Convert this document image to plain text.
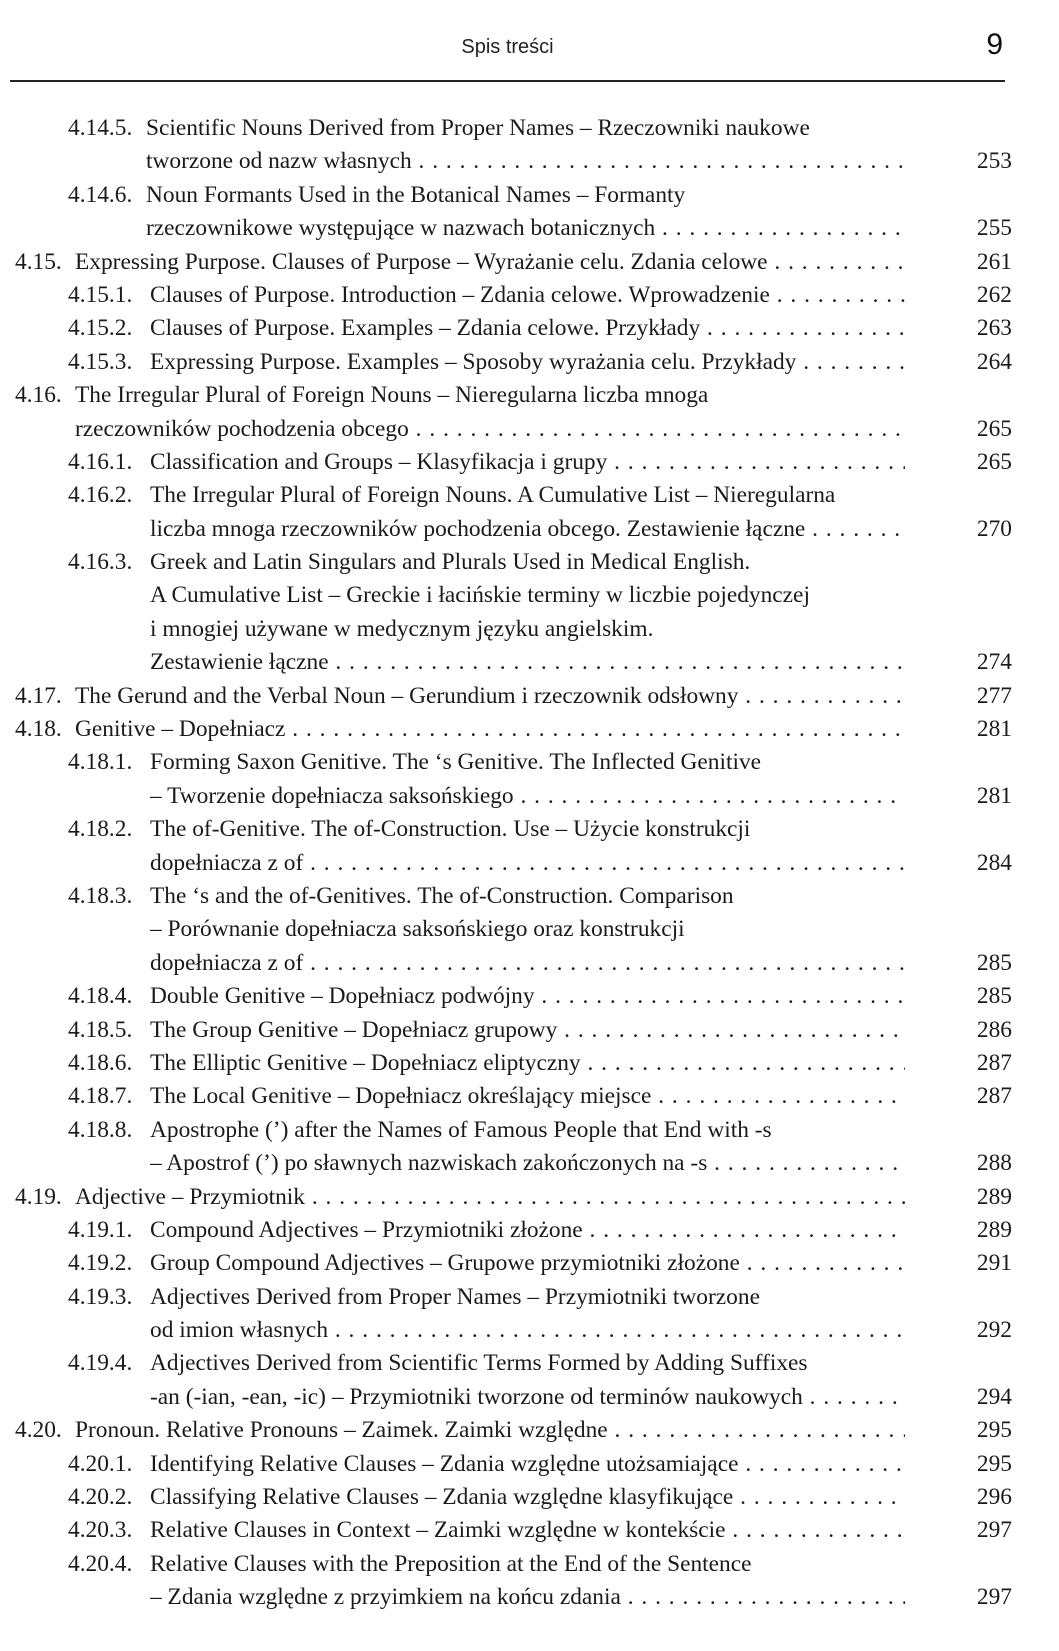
Spis treści	9
4.14.5. Scientific Nouns Derived from Proper Names – Rzeczowniki naukowe
tworzone od nazw własnych . . .	253
4.14.6. Noun Formants Used in the Botanical Names – Formanty
rzeczownikowe występujące w nazwach botanicznych . . .	255
4.15. Expressing Purpose. Clauses of Purpose – Wyrażanie celu. Zdania celowe . . .	261
4.15.1. Clauses of Purpose. Introduction – Zdania celowe. Wprowadzenie . . .	262
4.15.2. Clauses of Purpose. Examples – Zdania celowe. Przykłady . . .	263
4.15.3. Expressing Purpose. Examples – Sposoby wyrażania celu. Przykłady . . .	264
4.16. The Irregular Plural of Foreign Nouns – Nieregularna liczba mnoga
rzeczowników pochodzenia obcego . . .	265
4.16.1. Classification and Groups – Klasyfikacja i grupy . . .	265
4.16.2. The Irregular Plural of Foreign Nouns. A Cumulative List – Nieregularna
liczba mnoga rzeczowników pochodzenia obcego. Zestawienie łączne . . .	270
4.16.3. Greek and Latin Singulars and Plurals Used in Medical English.
A Cumulative List – Greckie i łacińskie terminy w liczbie pojedynczej
i mnogiej używane w medycznym języku angielskim.
Zestawienie łączne . . .	274
4.17. The Gerund and the Verbal Noun – Gerundium i rzeczownik odsłowny . . .	277
4.18. Genitive – Dopełniacz . . .	281
4.18.1. Forming Saxon Genitive. The ‘s Genitive. The Inflected Genitive
– Tworzenie dopełniacza saksońskiego . . .	281
4.18.2. The of-Genitive. The of-Construction. Use – Użycie konstrukcji
dopełniacza z of . . .	284
4.18.3. The ‘s and the of-Genitives. The of-Construction. Comparison
– Porównanie dopełniacza saksońskiego oraz konstrukcji
dopełniacza z of . . .	285
4.18.4. Double Genitive – Dopełniacz podwójny . . .	285
4.18.5. The Group Genitive – Dopełniacz grupowy . . .	286
4.18.6. The Elliptic Genitive – Dopełniacz eliptyczny . . .	287
4.18.7. The Local Genitive – Dopełniacz określający miejsce . . .	287
4.18.8. Apostrophe (’) after the Names of Famous People that End with -s
– Apostrof (’) po sławnych nazwiskach zakończonych na -s . . .	288
4.19. Adjective – Przymiotnik . . .	289
4.19.1. Compound Adjectives – Przymiotniki złożone . . .	289
4.19.2. Group Compound Adjectives – Grupowe przymiotniki złożone . . .	291
4.19.3. Adjectives Derived from Proper Names – Przymiotniki tworzone
od imion własnych . . .	292
4.19.4. Adjectives Derived from Scientific Terms Formed by Adding Suffixes
-an (-ian, -ean, -ic) – Przymiotniki tworzone od terminów naukowych . . .	294
4.20. Pronoun. Relative Pronouns – Zaimek. Zaimki względne . . .	295
4.20.1. Identifying Relative Clauses – Zdania względne utożsamiające . . .	295
4.20.2. Classifying Relative Clauses – Zdania względne klasyfikujące . . .	296
4.20.3. Relative Clauses in Context – Zaimki względne w kontekście . . .	297
4.20.4. Relative Clauses with the Preposition at the End of the Sentence
– Zdania względne z przyimkiem na końcu zdania . . .	297
